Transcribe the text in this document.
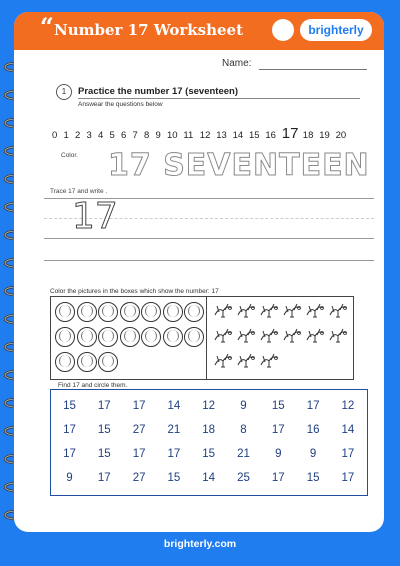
“ Number 17 Worksheet	brighterly
Name:
1	Practice the number 17 (seventeen)
Answear the questions below
0 1 2 3 4 5 6 7 8 9 10 11 12 13 14 15 16 17 18 19 20
Color. 17 SEVENTEEN
Trace 17 and write .
17
Color the pictures in the boxes which show the number: 17
Find 17 and circle them.
15	17	17	14	12	9	15	17	12
17	15	27	21	18	8	17	16	14
17	15	17	17	15	21	9	9	17
9	17	27	15	14	25	17	15	17
brighterly.com
